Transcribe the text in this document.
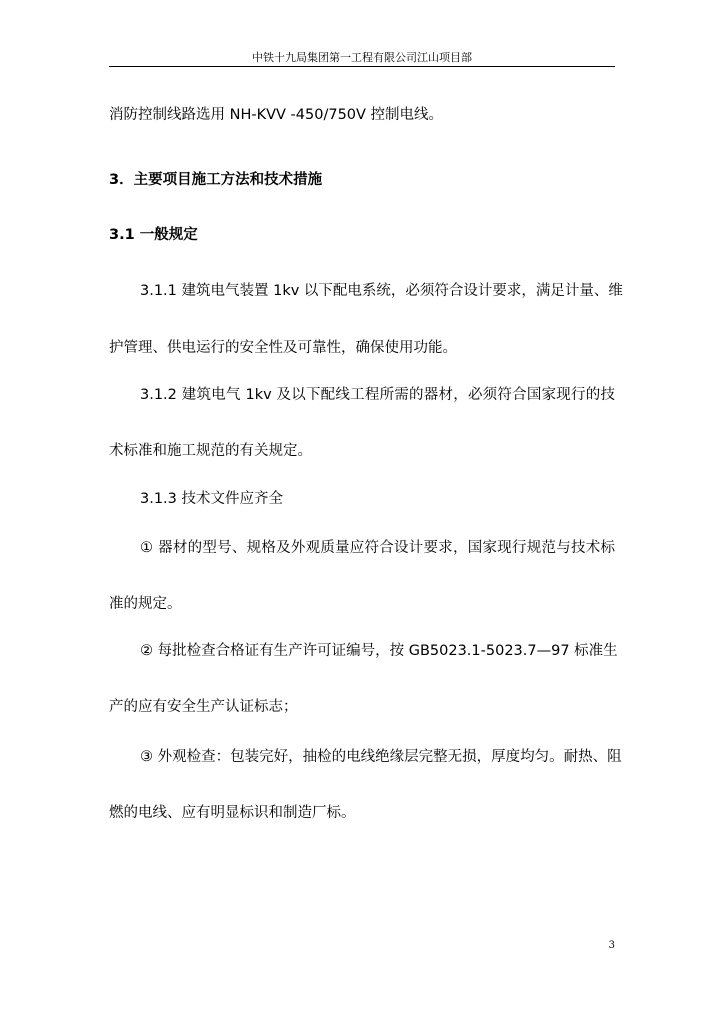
中铁十九局集团第一工程有限公司江山项目部
消防控制线路选用 NH-KVV -450/750V 控制电线。
3．主要项目施工方法和技术措施
3.1 一般规定
3.1.1 建筑电气装置 1kv 以下配电系统，必须符合设计要求，满足计量、维
护管理、供电运行的安全性及可靠性，确保使用功能。
3.1.2 建筑电气 1kv 及以下配线工程所需的器材，必须符合国家现行的技
术标准和施工规范的有关规定。
3.1.3 技术文件应齐全
① 器材的型号、规格及外观质量应符合设计要求，国家现行规范与技术标
准的规定。
② 每批检查合格证有生产许可证编号，按 GB5023.1-5023.7—97 标准生
产的应有安全生产认证标志；
③ 外观检查：包装完好，抽检的电线绝缘层完整无损，厚度均匀。耐热、阻
燃的电线、应有明显标识和制造厂标。
3
